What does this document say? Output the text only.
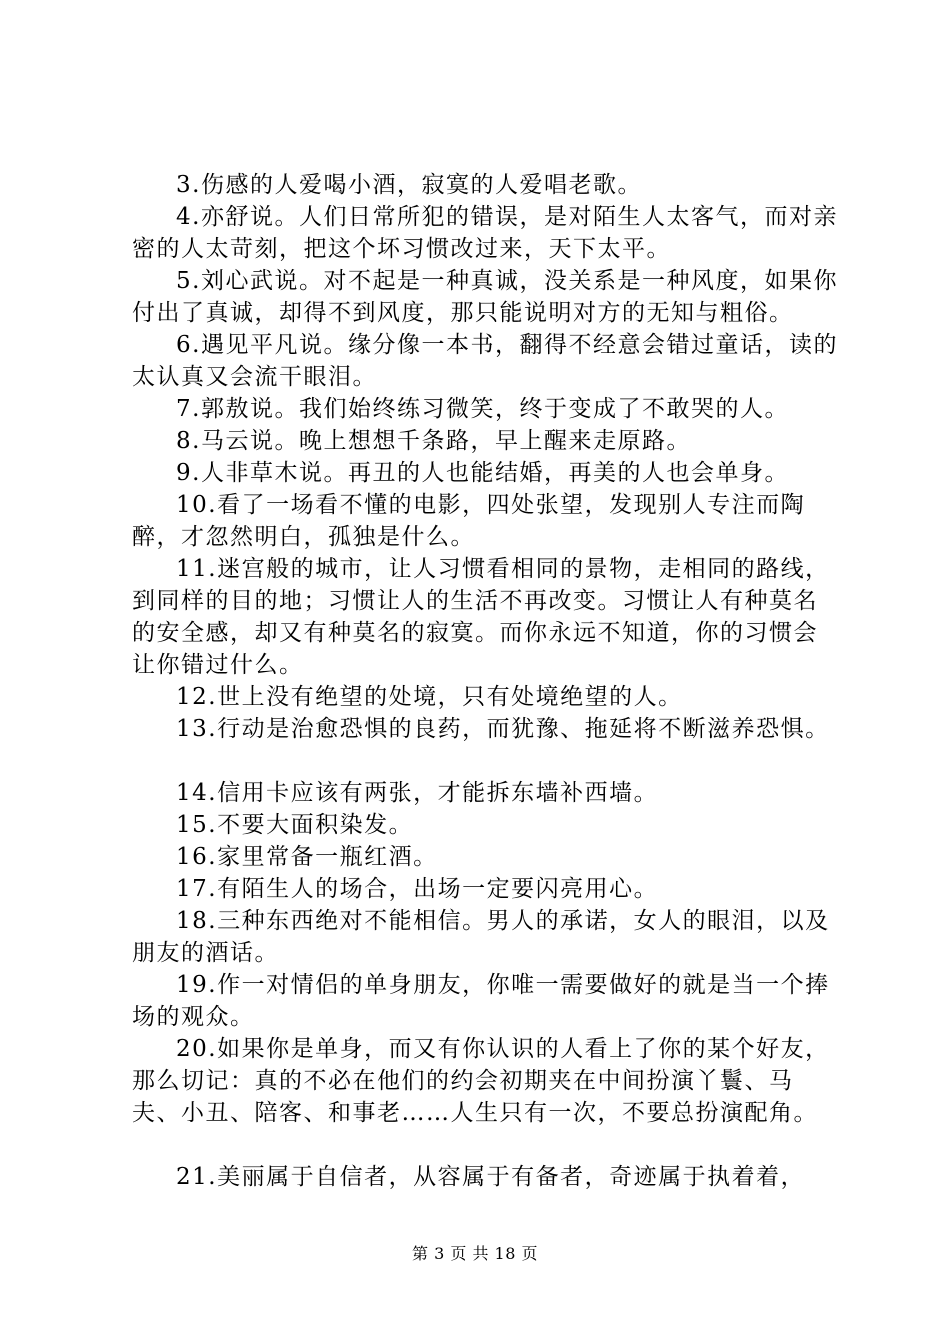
3.伤感的人爱喝小酒，寂寞的人爱唱老歌。

4.亦舒说。人们日常所犯的错误，是对陌生人太客气，而对亲密的人太苛刻，把这个坏习惯改过来，天下太平。

5.刘心武说。对不起是一种真诚，没关系是一种风度，如果你付出了真诚，却得不到风度，那只能说明对方的无知与粗俗。

6.遇见平凡说。缘分像一本书，翻得不经意会错过童话，读的太认真又会流干眼泪。

7.郭敖说。我们始终练习微笑，终于变成了不敢哭的人。

8.马云说。晚上想想千条路，早上醒来走原路。

9.人非草木说。再丑的人也能结婚，再美的人也会单身。

10.看了一场看不懂的电影，四处张望，发现别人专注而陶醉，才忽然明白，孤独是什么。

11.迷宫般的城市，让人习惯看相同的景物，走相同的路线，到同样的目的地；习惯让人的生活不再改变。习惯让人有种莫名的安全感，却又有种莫名的寂寞。而你永远不知道，你的习惯会让你错过什么。

12.世上没有绝望的处境，只有处境绝望的人。

13.行动是治愈恐惧的良药，而犹豫、拖延将不断滋养恐惧。

14.信用卡应该有两张，才能拆东墙补西墙。

15.不要大面积染发。

16.家里常备一瓶红酒。

17.有陌生人的场合，出场一定要闪亮用心。

18.三种东西绝对不能相信。男人的承诺，女人的眼泪，以及朋友的酒话。

19.作一对情侣的单身朋友，你唯一需要做好的就是当一个捧场的观众。

20.如果你是单身，而又有你认识的人看上了你的某个好友，那么切记：真的不必在他们的约会初期夹在中间扮演丫鬟、马夫、小丑、陪客、和事老……人生只有一次，不要总扮演配角。

21.美丽属于自信者，从容属于有备者，奇迹属于执着着，

第 3 页 共 18 页
